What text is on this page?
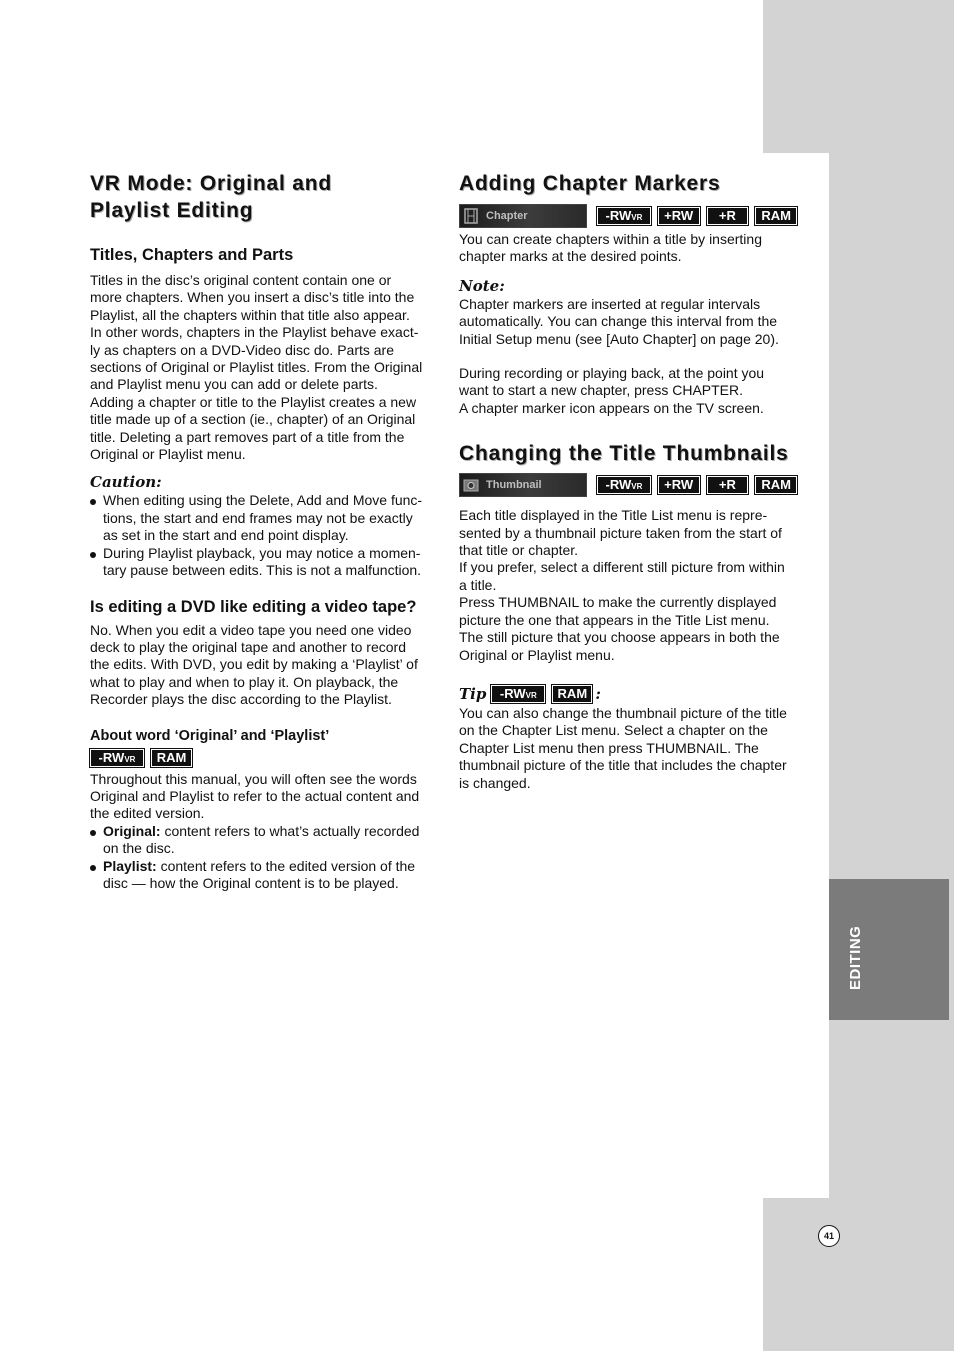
EDITING
41
VR Mode: Original and
Playlist Editing
Titles, Chapters and Parts

Titles in the disc’s original content contain one or

more chapters. When you insert a disc’s title into the

Playlist, all the chapters within that title also appear.

In other words, chapters in the Playlist behave exact-

ly as chapters on a DVD-Video disc do. Parts are

sections of Original or Playlist titles. From the Original

and Playlist menu you can add or delete parts.

Adding a chapter or title to the Playlist creates a new

title made up of a section (ie., chapter) of an Original

title. Deleting a part removes part of a title from the

Original or Playlist menu.

Caution:
When editing using the Delete, Add and Move func-
tions, the start and end frames may not be exactly
as set in the start and end point display.
During Playlist playback, you may notice a momen-
tary pause between edits. This is not a malfunction.
Is editing a DVD like editing a video tape?

No. When you edit a video tape you need one video

deck to play the original tape and another to record

the edits. With DVD, you edit by making a ‘Playlist’ of

what to play and when to play it. On playback, the

Recorder plays the disc according to the Playlist.

About word ‘Original’ and ‘Playlist’
-RWVR	RAM

Throughout this manual, you will often see the words

Original and Playlist to refer to the actual content and

the edited version.

Original: content refers to what’s actually recorded
on the disc.
Playlist: content refers to the edited version of the
disc — how the Original content is to be played.
Adding Chapter Markers
Chapter	-RWVR	+RW	+R	RAM

You can create chapters within a title by inserting

chapter marks at the desired points.

Note:

Chapter markers are inserted at regular intervals

automatically. You can change this interval from the

Initial Setup menu (see [Auto Chapter] on page 20).

During recording or playing back, at the point you

want to start a new chapter, press CHAPTER.

A chapter marker icon appears on the TV screen.

Changing the Title Thumbnails
Thumbnail	-RWVR	+RW	+R	RAM

Each title displayed in the Title List menu is repre-

sented by a thumbnail picture taken from the start of

that title or chapter.

If you prefer, select a different still picture from within

a title.

Press THUMBNAIL to make the currently displayed

picture the one that appears in the Title List menu.

The still picture that you choose appears in both the

Original or Playlist menu.

Tip	-RWVR	RAM :

You can also change the thumbnail picture of the title

on the Chapter List menu. Select a chapter on the

Chapter List menu then press THUMBNAIL. The

thumbnail picture of the title that includes the chapter

is changed.
